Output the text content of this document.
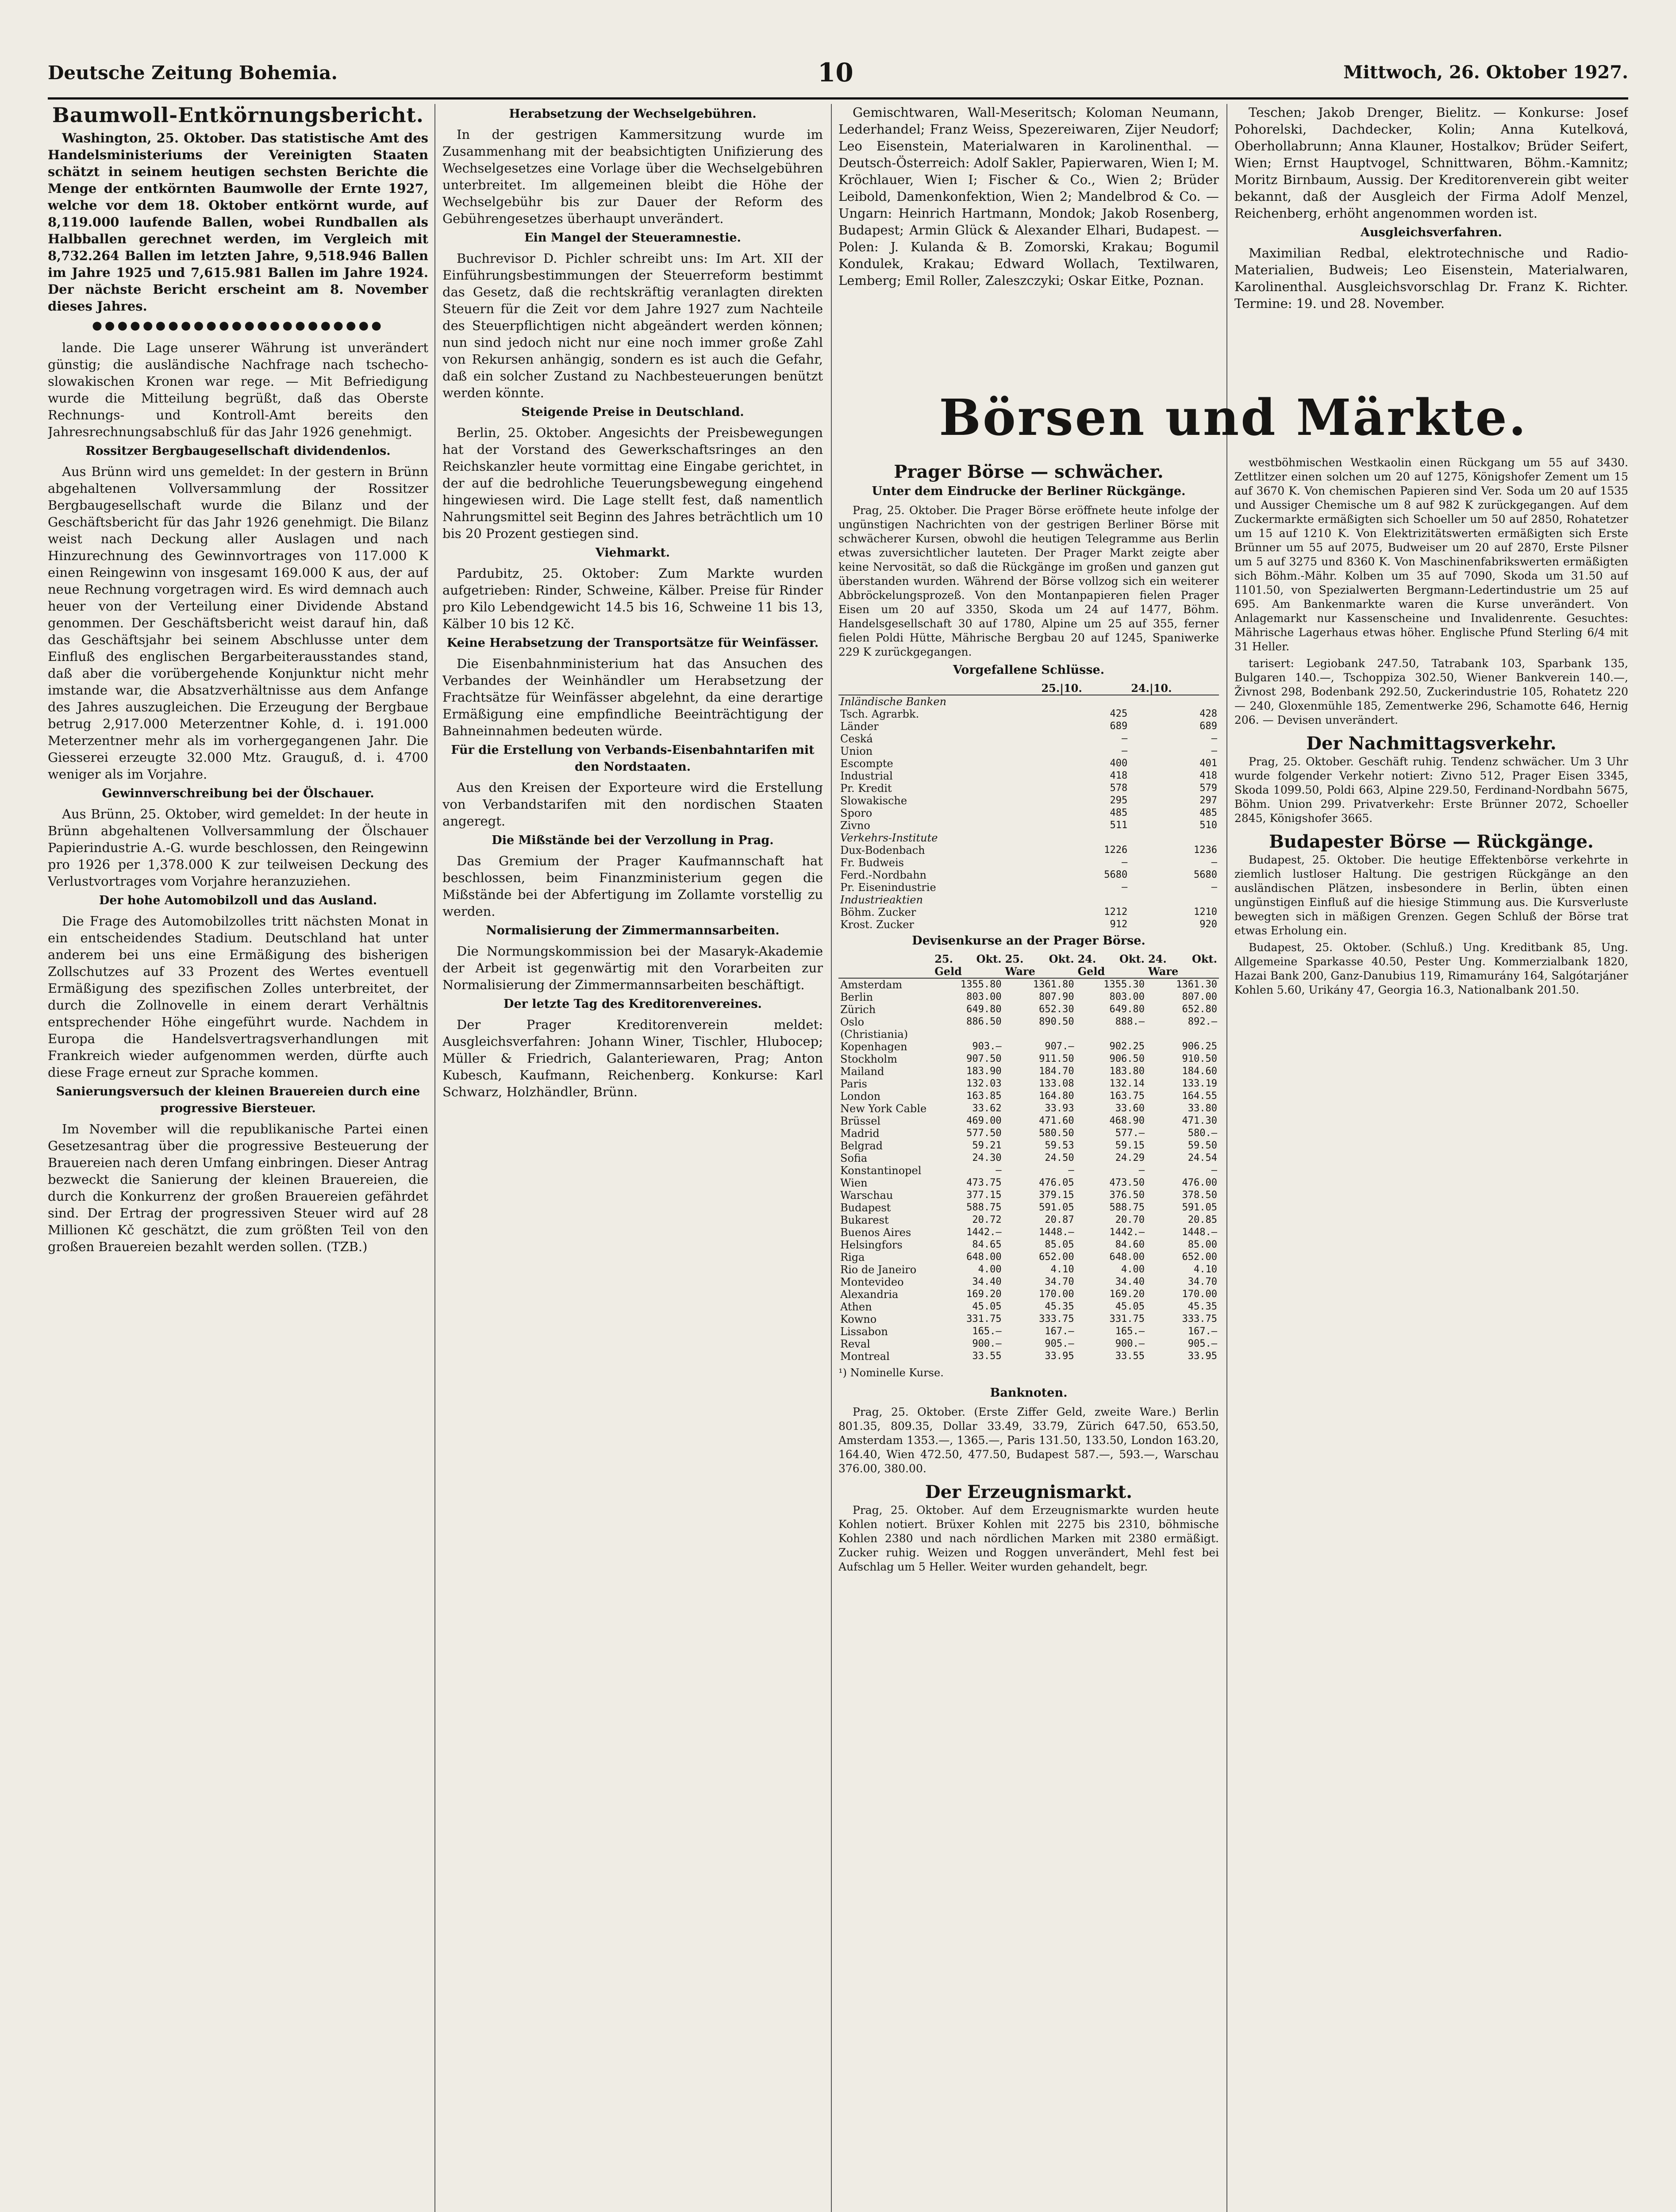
Deutsche Zeitung Bohemia.	10	Mittwoch, 26. Oktober 1927.
Baumwoll-Entkörnungsbericht.

Washington, 25. Oktober. Das statistische Amt des Handelsministeriums der Vereinigten Staaten schätzt in seinem heutigen sechsten Berichte die Menge der entkörnten Baumwolle der Ernte 1927, welche vor dem 18. Oktober entkörnt wurde, auf 8,119.000 laufende Ballen, wobei Rundballen als Halbballen gerechnet werden, im Vergleich mit 8,732.264 Ballen im letzten Jahre, 9,518.946 Ballen im Jahre 1925 und 7,615.981 Ballen im Jahre 1924. Der nächste Bericht erscheint am 8. November dieses Jahres.

●●●●●●●●●●●●●●●●●●●●●●●

lande. Die Lage unserer Währung ist unverändert günstig; die ausländische Nachfrage nach tschecho-slowakischen Kronen war rege. — Mit Befriedigung wurde die Mitteilung begrüßt, daß das Oberste Rechnungs- und Kontroll-Amt bereits den Jahresrechnungsabschluß für das Jahr 1926 genehmigt.

Rossitzer Bergbaugesellschaft dividendenlos.

Aus Brünn wird uns gemeldet: In der gestern in Brünn abgehaltenen Vollversammlung der Rossitzer Bergbaugesellschaft wurde die Bilanz und der Geschäftsbericht für das Jahr 1926 genehmigt. Die Bilanz weist nach Deckung aller Auslagen und nach Hinzurechnung des Gewinnvortrages von 117.000 K einen Reingewinn von insgesamt 169.000 K aus, der auf neue Rechnung vorgetragen wird. Es wird demnach auch heuer von der Verteilung einer Dividende Abstand genommen. Der Geschäftsbericht weist darauf hin, daß das Geschäftsjahr bei seinem Abschlusse unter dem Einfluß des englischen Bergarbeiterausstandes stand, daß aber die vorübergehende Konjunktur nicht mehr imstande war, die Absatzverhältnisse aus dem Anfange des Jahres auszugleichen. Die Erzeugung der Bergbaue betrug 2,917.000 Meterzentner Kohle, d. i. 191.000 Meterzentner mehr als im vorhergegangenen Jahr. Die Giesserei erzeugte 32.000 Mtz. Grauguß, d. i. 4700 weniger als im Vorjahre.

Gewinnverschreibung bei der Ölschauer.

Aus Brünn, 25. Oktober, wird gemeldet: In der heute in Brünn abgehaltenen Vollversammlung der Ölschauer Papierindustrie A.-G. wurde beschlossen, den Reingewinn pro 1926 per 1,378.000 K zur teilweisen Deckung des Verlustvortrages vom Vorjahre heranzuziehen.

Der hohe Automobilzoll und das Ausland.

Die Frage des Automobilzolles tritt nächsten Monat in ein entscheidendes Stadium. Deutschland hat unter anderem bei uns eine Ermäßigung des bisherigen Zollschutzes auf 33 Prozent des Wertes eventuell Ermäßigung des spezifischen Zolles unterbreitet, der durch die Zollnovelle in einem derart Verhältnis entsprechender Höhe eingeführt wurde. Nachdem in Europa die Handelsvertragsverhandlungen mit Frankreich wieder aufgenommen werden, dürfte auch diese Frage erneut zur Sprache kommen.

Sanierungsversuch der kleinen Brauereien durch eine progressive Biersteuer.

Im November will die republikanische Partei einen Gesetzesantrag über die progressive Besteuerung der Brauereien nach deren Umfang einbringen. Dieser Antrag bezweckt die Sanierung der kleinen Brauereien, die durch die Konkurrenz der großen Brauereien gefährdet sind. Der Ertrag der progressiven Steuer wird auf 28 Millionen Kč geschätzt, die zum größten Teil von den großen Brauereien bezahlt werden sollen. (TZB.)

Herabsetzung der Wechselgebühren.

In der gestrigen Kammersitzung wurde im Zusammenhang mit der beabsichtigten Unifizierung des Wechselgesetzes eine Vorlage über die Wechselgebühren unterbreitet. Im allgemeinen bleibt die Höhe der Wechselgebühr bis zur Dauer der Reform des Gebührengesetzes überhaupt unverändert.

Ein Mangel der Steueramnestie.

Buchrevisor D. Pichler schreibt uns: Im Art. XII der Einführungsbestimmungen der Steuerreform bestimmt das Gesetz, daß die rechtskräftig veranlagten direkten Steuern für die Zeit vor dem Jahre 1927 zum Nachteile des Steuerpflichtigen nicht abgeändert werden können; nun sind jedoch nicht nur eine noch immer große Zahl von Rekursen anhängig, sondern es ist auch die Gefahr, daß ein solcher Zustand zu Nachbesteuerungen benützt werden könnte.

Steigende Preise in Deutschland.

Berlin, 25. Oktober. Angesichts der Preisbewegungen hat der Vorstand des Gewerkschaftsringes an den Reichskanzler heute vormittag eine Eingabe gerichtet, in der auf die bedrohliche Teuerungsbewegung eingehend hingewiesen wird. Die Lage stellt fest, daß namentlich Nahrungsmittel seit Beginn des Jahres beträchtlich um 10 bis 20 Prozent gestiegen sind.

Viehmarkt.

Pardubitz, 25. Oktober: Zum Markte wurden aufgetrieben: Rinder, Schweine, Kälber. Preise für Rinder pro Kilo Lebendgewicht 14.5 bis 16, Schweine 11 bis 13, Kälber 10 bis 12 Kč.

Keine Herabsetzung der Transportsätze für Weinfässer.

Die Eisenbahnministerium hat das Ansuchen des Verbandes der Weinhändler um Herabsetzung der Frachtsätze für Weinfässer abgelehnt, da eine derartige Ermäßigung eine empfindliche Beeinträchtigung der Bahneinnahmen bedeuten würde.

Für die Erstellung von Verbands-Eisenbahntarifen mit den Nordstaaten.

Aus den Kreisen der Exporteure wird die Erstellung von Verbandstarifen mit den nordischen Staaten angeregt.

Die Mißstände bei der Verzollung in Prag.

Das Gremium der Prager Kaufmannschaft hat beschlossen, beim Finanzministerium gegen die Mißstände bei der Abfertigung im Zollamte vorstellig zu werden.

Normalisierung der Zimmermannsarbeiten.

Die Normungskommission bei der Masaryk-Akademie der Arbeit ist gegenwärtig mit den Vorarbeiten zur Normalisierung der Zimmermannsarbeiten beschäftigt.

Der letzte Tag des Kreditorenvereines.

Der Prager Kreditorenverein meldet: Ausgleichsverfahren: Johann Winer, Tischler, Hlubocep; Müller & Friedrich, Galanteriewaren, Prag; Anton Kubesch, Kaufmann, Reichenberg. Konkurse: Karl Schwarz, Holzhändler, Brünn.

Gemischtwaren, Wall-Meseritsch; Koloman Neumann, Lederhandel; Franz Weiss, Spezereiwaren, Zijer Neudorf; Leo Eisenstein, Materialwaren in Karolinenthal. — Deutsch-Österreich: Adolf Sakler, Papierwaren, Wien I; M. Kröchlauer, Wien I; Fischer & Co., Wien 2; Brüder Leibold, Damenkonfektion, Wien 2; Mandelbrod & Co. — Ungarn: Heinrich Hartmann, Mondok; Jakob Rosenberg, Budapest; Armin Glück & Alexander Elhari, Budapest. — Polen: J. Kulanda & B. Zomorski, Krakau; Bogumil Kondulek, Krakau; Edward Wollach, Textilwaren, Lemberg; Emil Roller, Zaleszczyki; Oskar Eitke, Poznan.

Teschen; Jakob Drenger, Bielitz. — Konkurse: Josef Pohorelski, Dachdecker, Kolin; Anna Kutelková, Oberhollabrunn; Anna Klauner, Hostalkov; Brüder Seifert, Wien; Ernst Hauptvogel, Schnittwaren, Böhm.-Kamnitz; Moritz Birnbaum, Aussig. Der Kreditorenverein gibt weiter bekannt, daß der Ausgleich der Firma Adolf Menzel, Reichenberg, erhöht angenommen worden ist.

Ausgleichsverfahren.

Maximilian Redbal, elektrotechnische und Radio-Materialien, Budweis; Leo Eisenstein, Materialwaren, Karolinenthal. Ausgleichsvorschlag Dr. Franz K. Richter. Termine: 19. und 28. November.

Börsen und Märkte.
Prager Börse — schwächer.
Unter dem Eindrucke der Berliner Rückgänge.

Prag, 25. Oktober. Die Prager Börse eröffnete heute infolge der ungünstigen Nachrichten von der gestrigen Berliner Börse mit schwächerer Kursen, obwohl die heutigen Telegramme aus Berlin etwas zuversichtlicher lauteten. Der Prager Markt zeigte aber keine Nervosität, so daß die Rückgänge im großen und ganzen gut überstanden wurden. Während der Börse vollzog sich ein weiterer Abbröckelungsprozeß. Von den Montanpapieren fielen Prager Eisen um 20 auf 3350, Skoda um 24 auf 1477, Böhm. Handelsgesellschaft 30 auf 1780, Alpine um 25 auf 355, ferner fielen Poldi Hütte, Mährische Bergbau 20 auf 1245, Spaniwerke 229 K zurückgegangen.

Vorgefallene Schlüsse.
	25.|10.	24.|10.
Inländische Banken		
Tsch. Agrarbk.	425	428
Länder	689	689
Ceská	—	—
Union	—	—
Escompte	400	401
Industrial	418	418
Pr. Kredit	578	579
Slowakische	295	297
Sporo	485	485
Zivno	511	510
Verkehrs-Institute		
Dux-Bodenbach	1226	1236
Fr. Budweis	—	—
Ferd.-Nordbahn	5680	5680
Pr. Eisenindustrie	—	—
Industrieaktien		
Böhm. Zucker	1212	1210
Krost. Zucker	912	920
Devisenkurse an der Prager Börse.
	25. Okt. Geld	25. Okt. Ware	24. Okt. Geld	24. Okt. Ware
Amsterdam	1355.80	1361.80	1355.30	1361.30
Berlin	803.00	807.90	803.00	807.00
Zürich	649.80	652.30	649.80	652.80
Oslo (Christiania)	886.50	890.50	888.—	892.—
Kopenhagen	903.—	907.—	902.25	906.25
Stockholm	907.50	911.50	906.50	910.50
Mailand	183.90	184.70	183.80	184.60
Paris	132.03	133.08	132.14	133.19
London	163.85	164.80	163.75	164.55
New York Cable	33.62	33.93	33.60	33.80
Brüssel	469.00	471.60	468.90	471.30
Madrid	577.50	580.50	577.—	580.—
Belgrad	59.21	59.53	59.15	59.50
Sofia	24.30	24.50	24.29	24.54
Konstantinopel	—	—	—	—
Wien	473.75	476.05	473.50	476.00
Warschau	377.15	379.15	376.50	378.50
Budapest	588.75	591.05	588.75	591.05
Bukarest	20.72	20.87	20.70	20.85
Buenos Aires	1442.—	1448.—	1442.—	1448.—
Helsingfors	84.65	85.05	84.60	85.00
Riga	648.00	652.00	648.00	652.00
Rio de Janeiro	4.00	4.10	4.00	4.10
Montevideo	34.40	34.70	34.40	34.70
Alexandria	169.20	170.00	169.20	170.00
Athen	45.05	45.35	45.05	45.35
Kowno	331.75	333.75	331.75	333.75
Lissabon	165.—	167.—	165.—	167.—
Reval	900.—	905.—	900.—	905.—
Montreal	33.55	33.95	33.55	33.95
¹) Nominelle Kurse.
Banknoten.

Prag, 25. Oktober. (Erste Ziffer Geld, zweite Ware.) Berlin 801.35, 809.35, Dollar 33.49, 33.79, Zürich 647.50, 653.50, Amsterdam 1353.—, 1365.—, Paris 131.50, 133.50, London 163.20, 164.40, Wien 472.50, 477.50, Budapest 587.—, 593.—, Warschau 376.00, 380.00.

Der Erzeugnismarkt.

Prag, 25. Oktober. Auf dem Erzeugnismarkte wurden heute Kohlen notiert. Brüxer Kohlen mit 2275 bis 2310, böhmische Kohlen 2380 und nach nördlichen Marken mit 2380 ermäßigt. Zucker ruhig. Weizen und Roggen unverändert, Mehl fest bei Aufschlag um 5 Heller. Weiter wurden gehandelt, begr.

westböhmischen Westkaolin einen Rückgang um 55 auf 3430. Zettlitzer einen solchen um 20 auf 1275, Königshofer Zement um 15 auf 3670 K. Von chemischen Papieren sind Ver. Soda um 20 auf 1535 und Aussiger Chemische um 8 auf 982 K zurückgegangen. Auf dem Zuckermarkte ermäßigten sich Schoeller um 50 auf 2850, Rohatetzer um 15 auf 1210 K. Von Elektrizitätswerten ermäßigten sich Erste Brünner um 55 auf 2075, Budweiser um 20 auf 2870, Erste Pilsner um 5 auf 3275 und 8360 K. Von Maschinenfabrikswerten ermäßigten sich Böhm.-Mähr. Kolben um 35 auf 7090, Skoda um 31.50 auf 1101.50, von Spezialwerten Bergmann-Ledertindustrie um 25 auf 695. Am Bankenmarkte waren die Kurse unverändert. Von Anlagemarkt nur Kassenscheine und Invalidenrente. Gesuchtes: Mährische Lagerhaus etwas höher. Englische Pfund Sterling 6/4 mit 31 Heller.

tarisert: Legiobank 247.50, Tatrabank 103, Sparbank 135, Bulgaren 140.—, Tschoppiza 302.50, Wiener Bankverein 140.—, Živnost 298, Bodenbank 292.50, Zuckerindustrie 105, Rohatetz 220 — 240, Gloxenmühle 185, Zementwerke 296, Schamotte 646, Hernig 206. — Devisen unverändert.

Der Nachmittagsverkehr.

Prag, 25. Oktober. Geschäft ruhig. Tendenz schwächer. Um 3 Uhr wurde folgender Verkehr notiert: Zivno 512, Prager Eisen 3345, Skoda 1099.50, Poldi 663, Alpine 229.50, Ferdinand-Nordbahn 5675, Böhm. Union 299. Privatverkehr: Erste Brünner 2072, Schoeller 2845, Königshofer 3665.

Budapester Börse — Rückgänge.

Budapest, 25. Oktober. Die heutige Effektenbörse verkehrte in ziemlich lustloser Haltung. Die gestrigen Rückgänge an den ausländischen Plätzen, insbesondere in Berlin, übten einen ungünstigen Einfluß auf die hiesige Stimmung aus. Die Kursverluste bewegten sich in mäßigen Grenzen. Gegen Schluß der Börse trat etwas Erholung ein.

Budapest, 25. Oktober. (Schluß.) Ung. Kreditbank 85, Ung. Allgemeine Sparkasse 40.50, Pester Ung. Kommerzialbank 1820, Hazai Bank 200, Ganz-Danubius 119, Rimamurány 164, Salgótarjáner Kohlen 5.60, Urikány 47, Georgia 16.3, Nationalbank 201.50.
